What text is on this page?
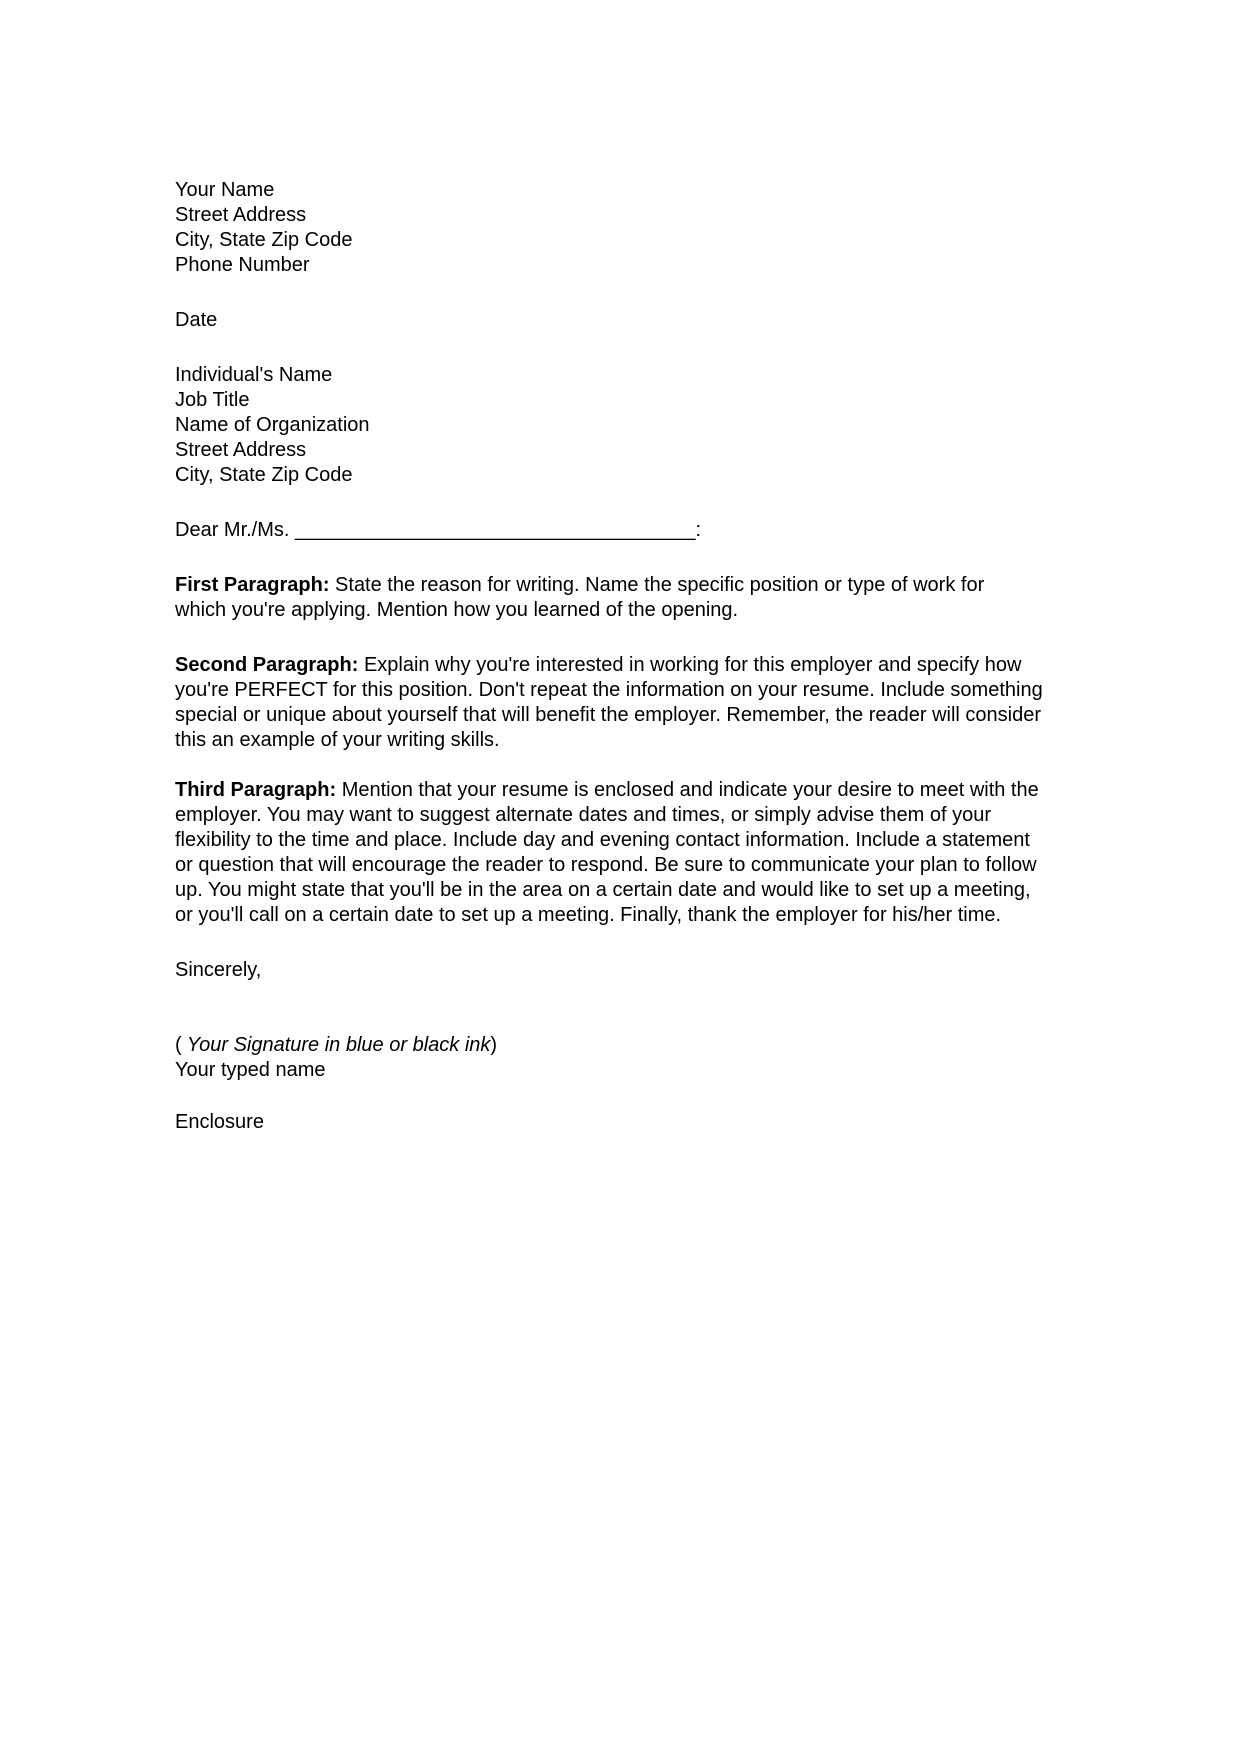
Your Name
Street Address
City, State Zip Code
Phone Number
Date
Individual's Name
Job Title
Name of Organization
Street Address
City, State Zip Code
Dear Mr./Ms. ____________________________________:
First Paragraph: State the reason for writing. Name the specific position or type of work for
which you're applying. Mention how you learned of the opening.
Second Paragraph: Explain why you're interested in working for this employer and specify how
you're PERFECT for this position. Don't repeat the information on your resume. Include something
special or unique about yourself that will benefit the employer. Remember, the reader will consider
this an example of your writing skills.
Third Paragraph: Mention that your resume is enclosed and indicate your desire to meet with the
employer. You may want to suggest alternate dates and times, or simply advise them of your
flexibility to the time and place. Include day and evening contact information. Include a statement
or question that will encourage the reader to respond. Be sure to communicate your plan to follow
up. You might state that you'll be in the area on a certain date and would like to set up a meeting,
or you'll call on a certain date to set up a meeting. Finally, thank the employer for his/her time.
Sincerely,
( Your Signature in blue or black ink)
Your typed name
Enclosure
